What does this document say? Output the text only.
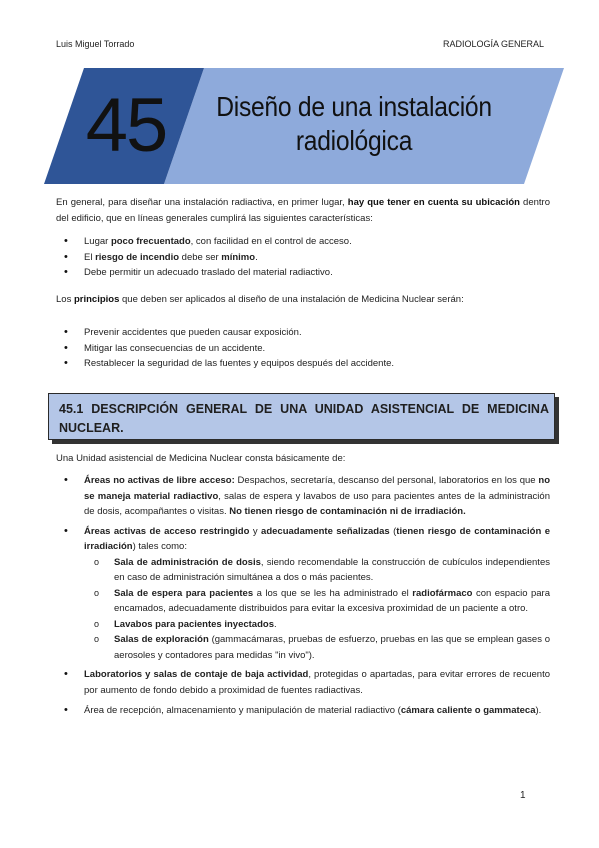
Luis Miguel Torrado	RADIOLOGÍA GENERAL
45	Diseño de una instalación
radiológica

En general, para diseñar una instalación radiactiva, en primer lugar, hay que tener en cuenta su ubicación dentro del edificio, que en líneas generales cumplirá las siguientes características:

• Lugar poco frecuentado, con facilidad en el control de acceso.
• El riesgo de incendio debe ser mínimo.
• Debe permitir un adecuado traslado del material radiactivo.

Los principios que deben ser aplicados al diseño de una instalación de Medicina Nuclear serán:

• Prevenir accidentes que pueden causar exposición.
• Mitigar las consecuencias de un accidente.
• Restablecer la seguridad de las fuentes y equipos después del accidente.
45.1 DESCRIPCIÓN GENERAL DE UNA UNIDAD ASISTENCIAL DE MEDICINA NUCLEAR.

Una Unidad asistencial de Medicina Nuclear consta básicamente de:

• Áreas no activas de libre acceso: Despachos, secretaría, descanso del personal, laboratorios en los que no se maneja material radiactivo, salas de espera y lavabos de uso para pacientes antes de la administración de dosis, acompañantes o visitas. No tienen riesgo de contaminación ni de irradiación.
• Áreas activas de acceso restringido y adecuadamente señalizadas (tienen riesgo de contaminación e irradiación) tales como:
o Sala de administración de dosis, siendo recomendable la construcción de cubículos independientes en caso de administración simultánea a dos o más pacientes.
o Sala de espera para pacientes a los que se les ha administrado el radiofármaco con espacio para encamados, adecuadamente distribuidos para evitar la excesiva proximidad de un paciente a otro.
o Lavabos para pacientes inyectados.
o Salas de exploración (gammacámaras, pruebas de esfuerzo, pruebas en las que se emplean gases o aerosoles y contadores para medidas "in vivo").
• Laboratorios y salas de contaje de baja actividad, protegidas o apartadas, para evitar errores de recuento por aumento de fondo debido a proximidad de fuentes radiactivas.
• Área de recepción, almacenamiento y manipulación de material radiactivo (cámara caliente o gammateca).
1
